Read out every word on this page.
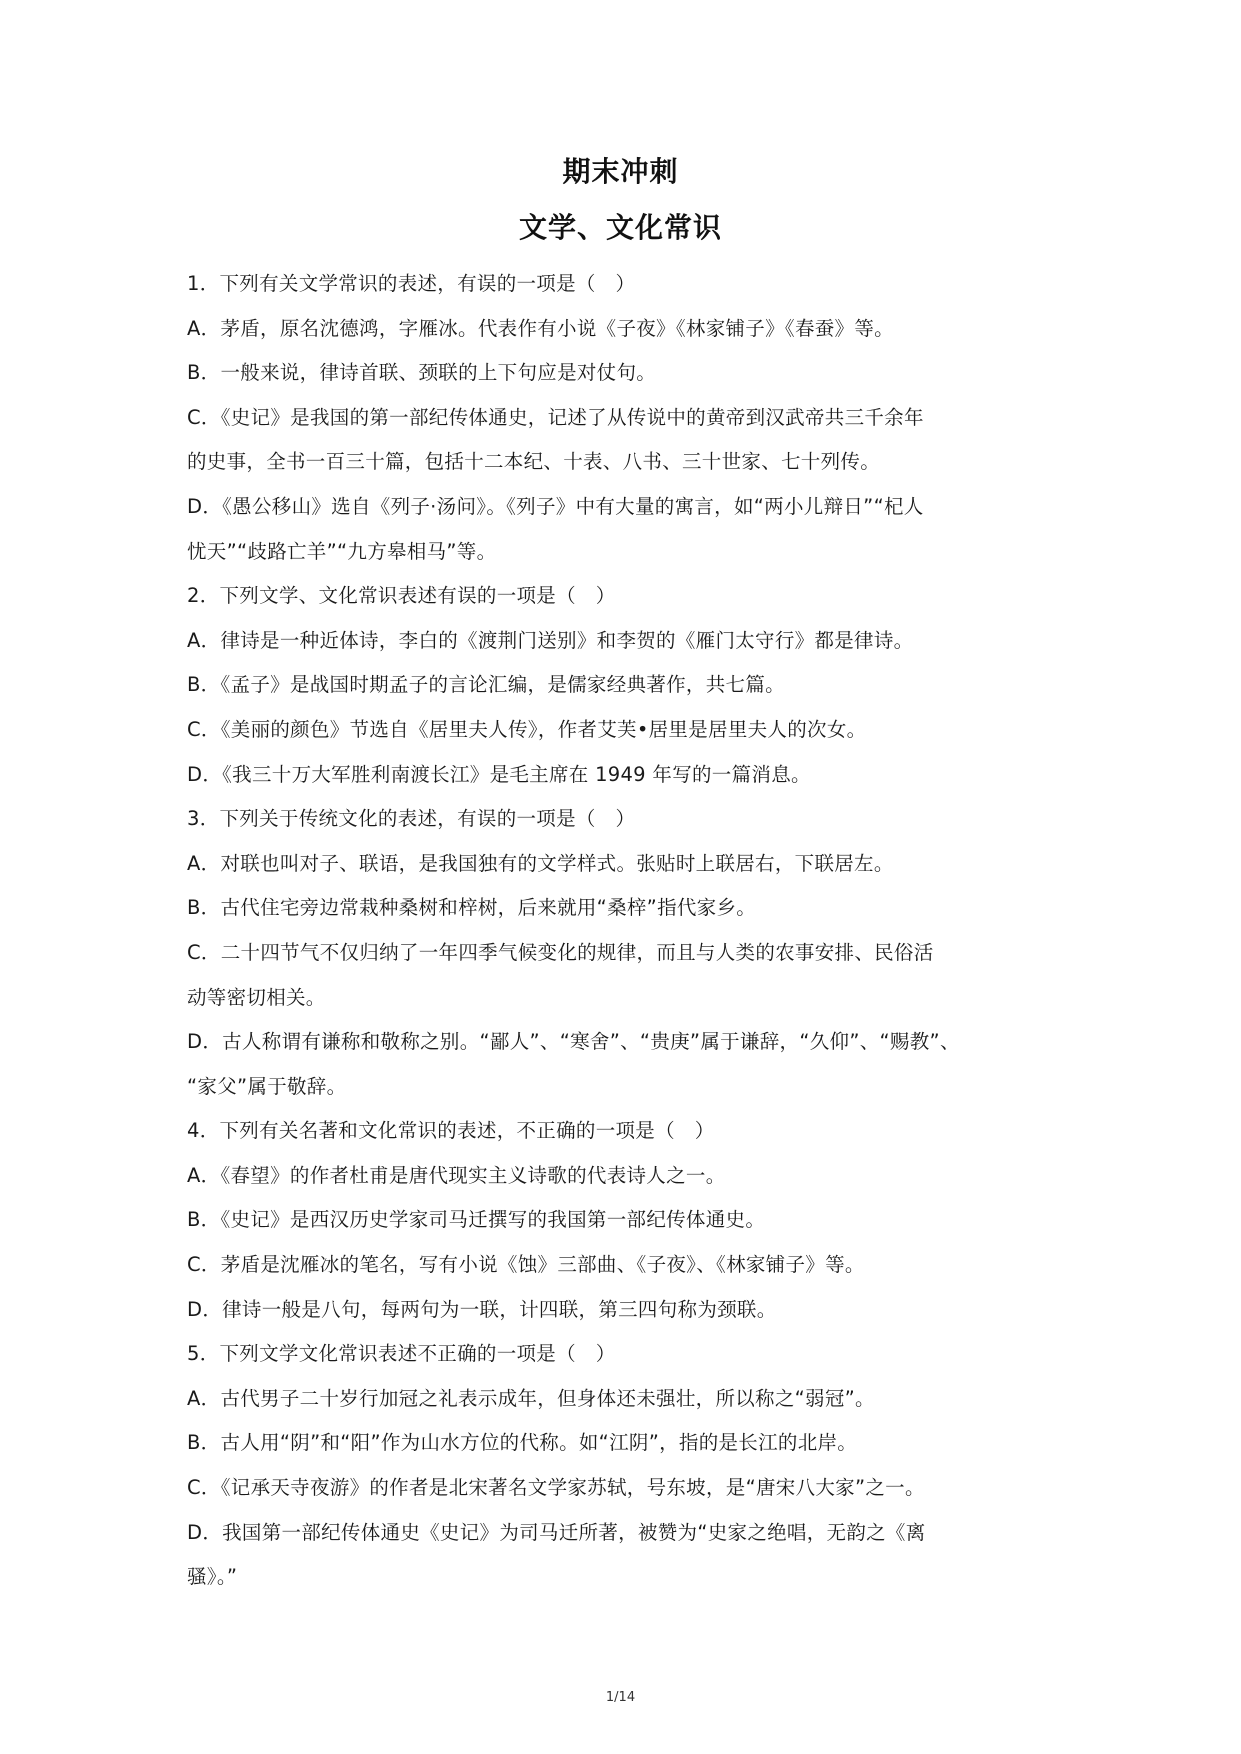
期末冲刺
文学、文化常识
1．下列有关文学常识的表述，有误的一项是（　）
A．茅盾，原名沈德鸿，字雁冰。代表作有小说《子夜》《林家铺子》《春蚕》等。
B．一般来说，律诗首联、颈联的上下句应是对仗句。
C．《史记》是我国的第一部纪传体通史，记述了从传说中的黄帝到汉武帝共三千余年
的史事，全书一百三十篇，包括十二本纪、十表、八书、三十世家、七十列传。
D．《愚公移山》选自《列子·汤问》。《列子》中有大量的寓言，如“两小儿辩日”“杞人
忧天”“歧路亡羊”“九方皋相马”等。
2．下列文学、文化常识表述有误的一项是（　）
A．律诗是一种近体诗，李白的《渡荆门送别》和李贺的《雁门太守行》都是律诗。
B．《孟子》是战国时期孟子的言论汇编，是儒家经典著作，共七篇。
C．《美丽的颜色》节选自《居里夫人传》，作者艾芙•居里是居里夫人的次女。
D．《我三十万大军胜利南渡长江》是毛主席在 1949 年写的一篇消息。
3．下列关于传统文化的表述，有误的一项是（　）
A．对联也叫对子、联语，是我国独有的文学样式。张贴时上联居右，下联居左。
B．古代住宅旁边常栽种桑树和梓树，后来就用“桑梓”指代家乡。
C．二十四节气不仅归纳了一年四季气候变化的规律，而且与人类的农事安排、民俗活
动等密切相关。
D．古人称谓有谦称和敬称之别。“鄙人”、“寒舍”、“贵庚”属于谦辞，“久仰”、“赐教”、
“家父”属于敬辞。
4．下列有关名著和文化常识的表述，不正确的一项是（　）
A．《春望》的作者杜甫是唐代现实主义诗歌的代表诗人之一。
B．《史记》是西汉历史学家司马迁撰写的我国第一部纪传体通史。
C．茅盾是沈雁冰的笔名，写有小说《蚀》三部曲、《子夜》、《林家铺子》等。
D．律诗一般是八句，每两句为一联，计四联，第三四句称为颈联。
5．下列文学文化常识表述不正确的一项是（　）
A．古代男子二十岁行加冠之礼表示成年，但身体还未强壮，所以称之“弱冠”。
B．古人用“阴”和“阳”作为山水方位的代称。如“江阴”，指的是长江的北岸。
C．《记承天寺夜游》的作者是北宋著名文学家苏轼，号东坡，是“唐宋八大家”之一。
D．我国第一部纪传体通史《史记》为司马迁所著，被赞为“史家之绝唱，无韵之《离
骚》。”
1/14
